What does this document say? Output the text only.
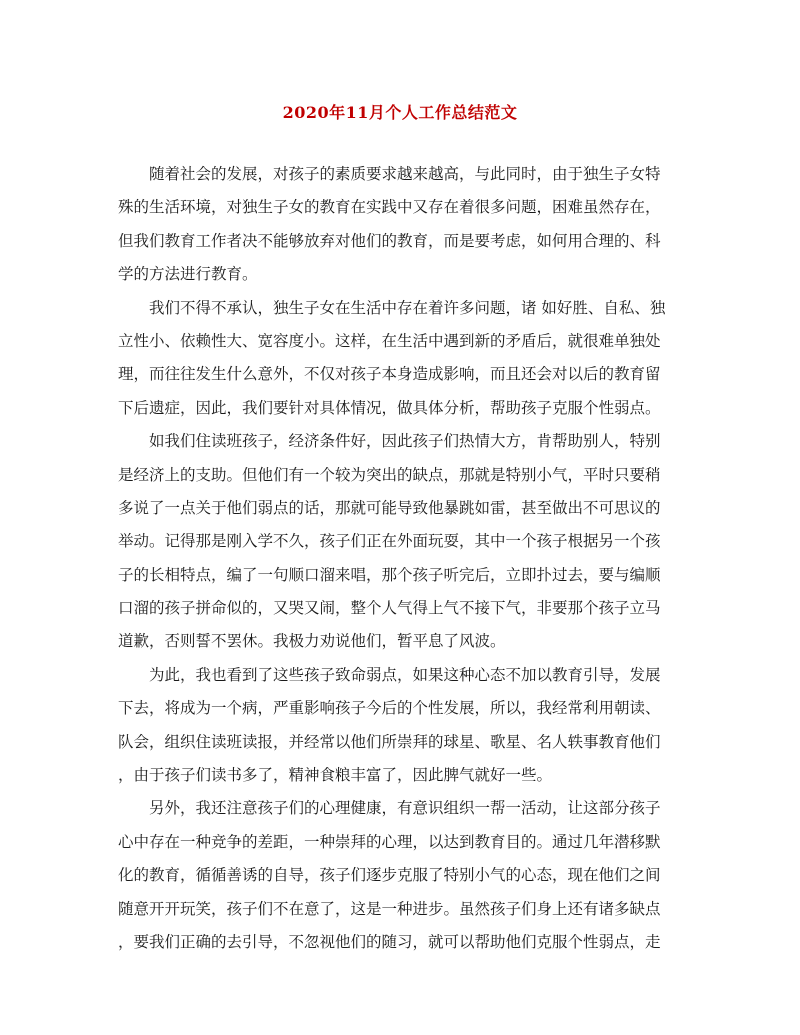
2020年11月个人工作总结范文
　　随着社会的发展，对孩子的素质要求越来越高，与此同时，由于独生子女特
殊的生活环境，对独生子女的教育在实践中又存在着很多问题，困难虽然存在，
但我们教育工作者决不能够放弃对他们的教育，而是要考虑，如何用合理的、科
学的方法进行教育。
　　我们不得不承认，独生子女在生活中存在着许多问题，诸 如好胜、自私、独
立性小、依赖性大、宽容度小。这样，在生活中遇到新的矛盾后，就很难单独处
理，而往往发生什么意外，不仅对孩子本身造成影响，而且还会对以后的教育留
下后遗症，因此，我们要针对具体情况，做具体分析，帮助孩子克服个性弱点。
　　如我们住读班孩子，经济条件好，因此孩子们热情大方，肯帮助别人，特别
是经济上的支助。但他们有一个较为突出的缺点，那就是特别小气，平时只要稍
多说了一点关于他们弱点的话，那就可能导致他暴跳如雷，甚至做出不可思议的
举动。记得那是刚入学不久，孩子们正在外面玩耍，其中一个孩子根据另一个孩
子的长相特点，编了一句顺口溜来唱，那个孩子听完后，立即扑过去，要与编顺
口溜的孩子拼命似的，又哭又闹，整个人气得上气不接下气，非要那个孩子立马
道歉，否则誓不罢休。我极力劝说他们，暂平息了风波。
　　为此，我也看到了这些孩子致命弱点，如果这种心态不加以教育引导，发展
下去，将成为一个病，严重影响孩子今后的个性发展，所以，我经常利用朝读、
队会，组织住读班读报，并经常以他们所崇拜的球星、歌星、名人轶事教育他们
，由于孩子们读书多了，精神食粮丰富了，因此脾气就好一些。
　　另外，我还注意孩子们的心理健康，有意识组织一帮一活动，让这部分孩子
心中存在一种竞争的差距，一种崇拜的心理，以达到教育目的。通过几年潜移默
化的教育，循循善诱的自导，孩子们逐步克服了特别小气的心态，现在他们之间
随意开开玩笑，孩子们不在意了，这是一种进步。虽然孩子们身上还有诸多缺点
，要我们正确的去引导，不忽视他们的随习，就可以帮助他们克服个性弱点，走
